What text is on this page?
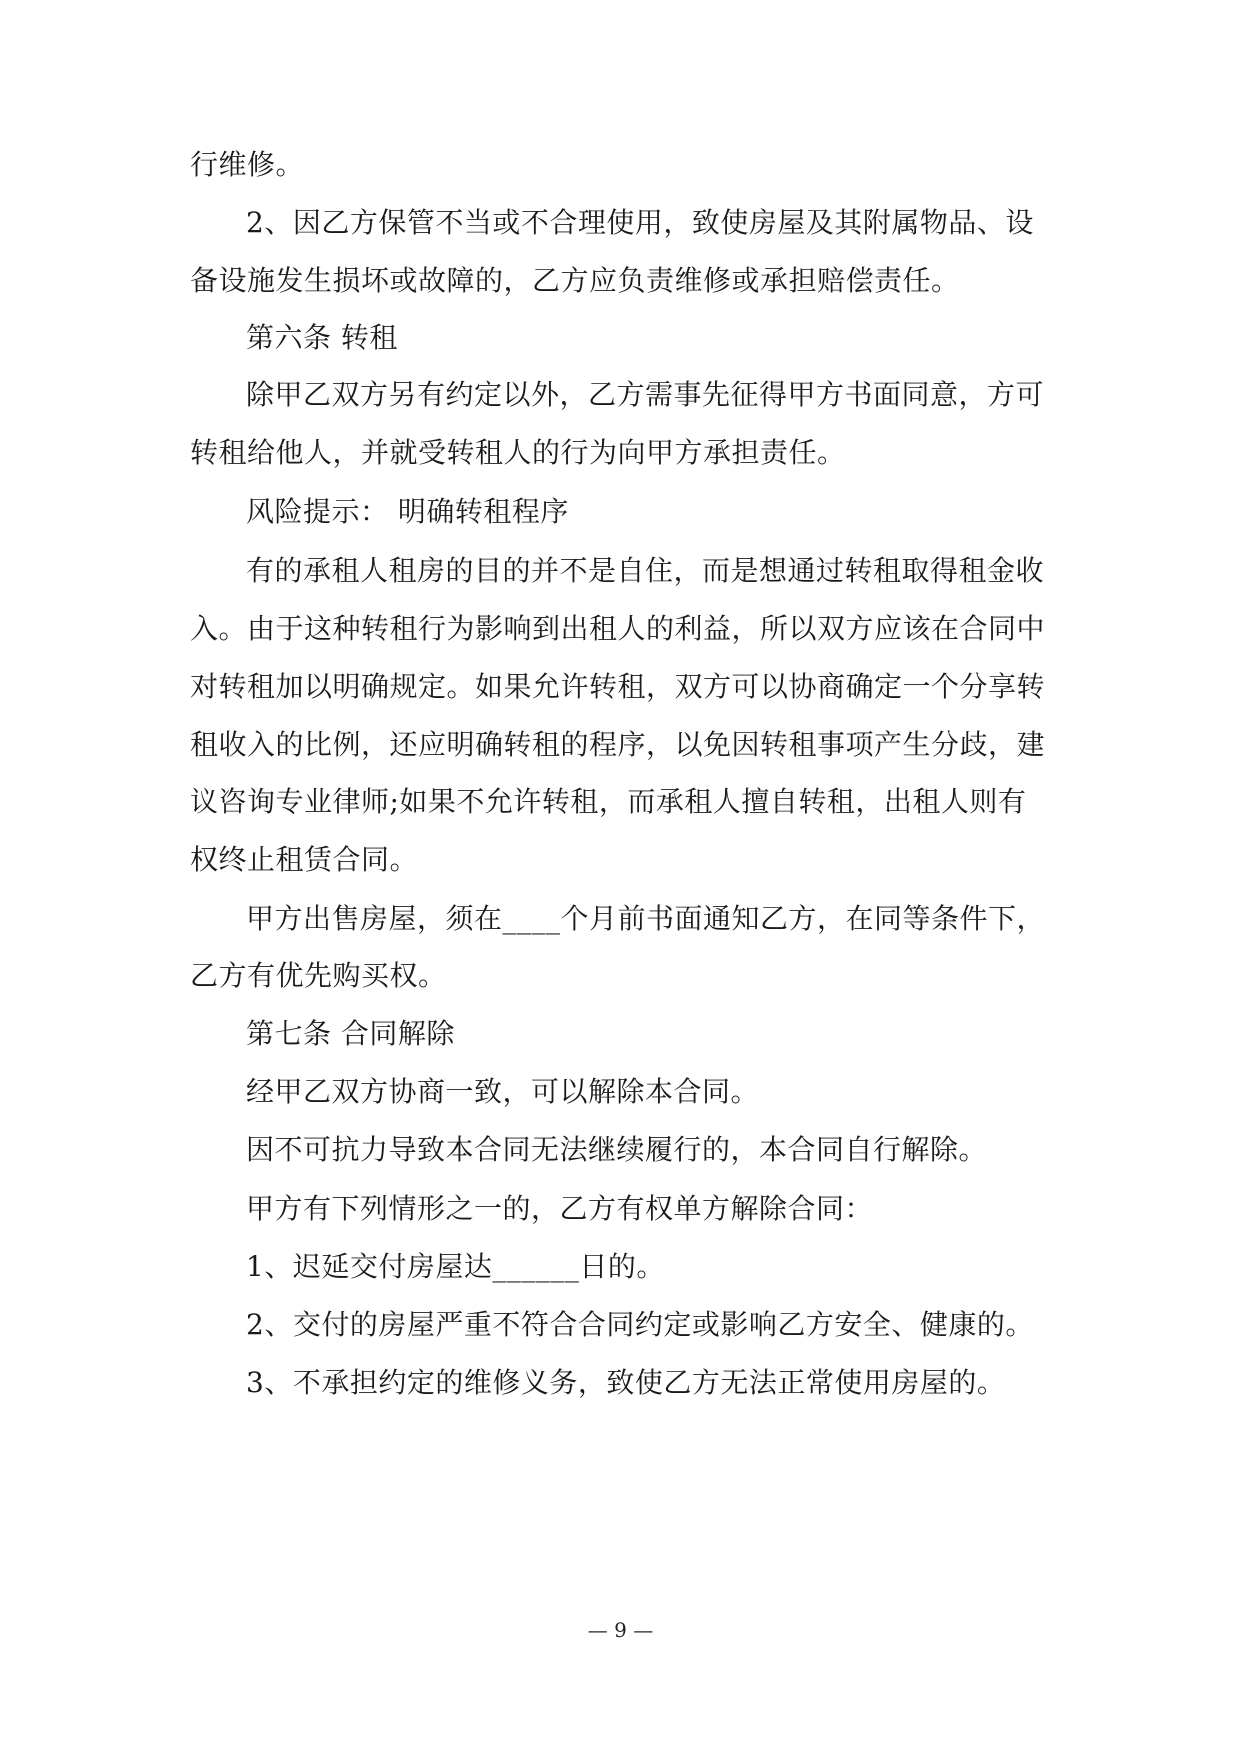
行维修。
2、因乙方保管不当或不合理使用，致使房屋及其附属物品、设
备设施发生损坏或故障的，乙方应负责维修或承担赔偿责任。
第六条 转租
除甲乙双方另有约定以外，乙方需事先征得甲方书面同意，方可
转租给他人，并就受转租人的行为向甲方承担责任。
风险提示： 明确转租程序
有的承租人租房的目的并不是自住，而是想通过转租取得租金收
入。由于这种转租行为影响到出租人的利益，所以双方应该在合同中
对转租加以明确规定。如果允许转租，双方可以协商确定一个分享转
租收入的比例，还应明确转租的程序，以免因转租事项产生分歧，建
议咨询专业律师;如果不允许转租，而承租人擅自转租，出租人则有
权终止租赁合同。
甲方出售房屋，须在____个月前书面通知乙方，在同等条件下，
乙方有优先购买权。
第七条 合同解除
经甲乙双方协商一致，可以解除本合同。
因不可抗力导致本合同无法继续履行的，本合同自行解除。
甲方有下列情形之一的，乙方有权单方解除合同：
1、迟延交付房屋达______日的。
2、交付的房屋严重不符合合同约定或影响乙方安全、健康的。
3、不承担约定的维修义务，致使乙方无法正常使用房屋的。
— 9 —
